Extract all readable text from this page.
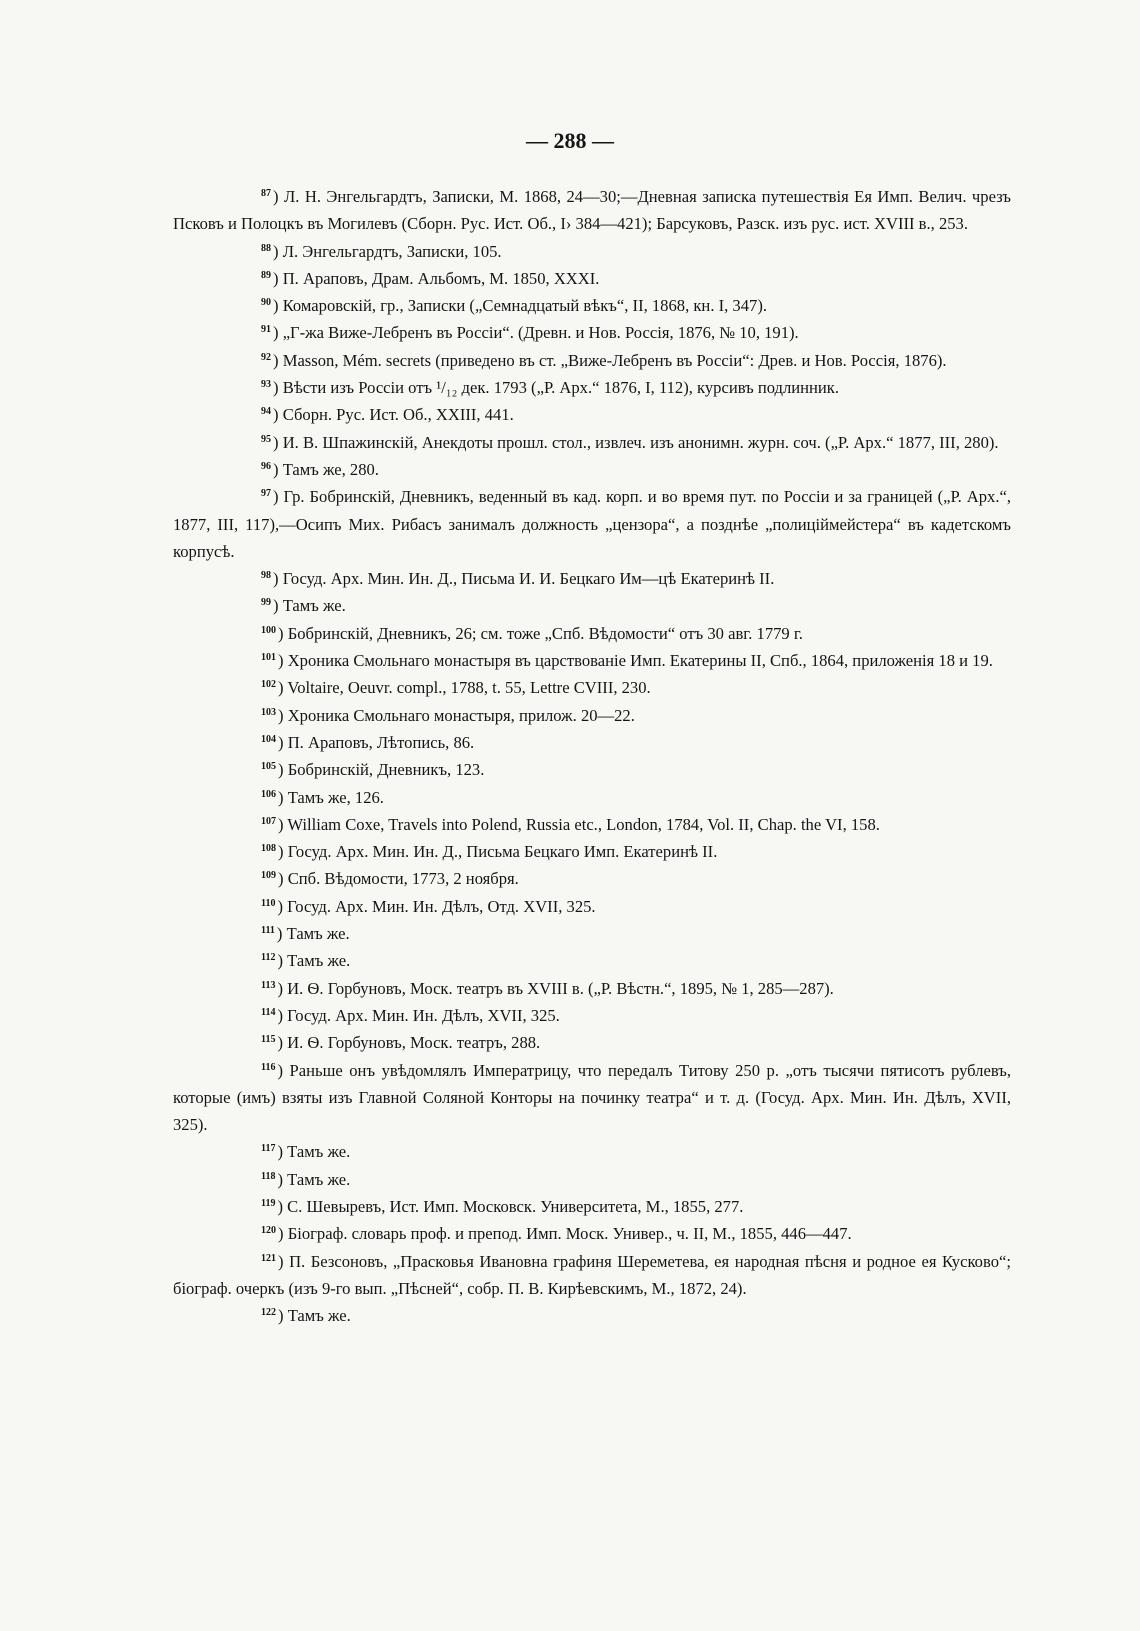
— 288 —

$^{87}$ ) Л. Н. Энгельгардтъ, Записки, М. 1868, 24—30;—Дневная записка путешествія Ея Имп. Велич. чрезъ Псковъ и Полоцкъ въ Могилевъ (Сборн. Рус. Ист. Об., I› 384—421); Барсуковъ, Разск. изъ рус. ист. XVIII в., 253.

$^{88}$ ) Л. Энгельгардтъ, Записки, 105.

$^{89}$ ) П. Араповъ, Драм. Альбомъ, М. 1850, XXXI.

$^{90}$ ) Комаровскій, гр., Записки („Семнадцатый вѣкъ“, II, 1868, кн. I, 347).

$^{91}$ ) „Г-жа Виже-Лебренъ въ Россіи“. (Древн. и Нов. Россія, 1876, № 10, 191).

$^{92}$ ) Masson, Mém. secrets (приведено въ ст. „Виже-Лебренъ въ Россіи“: Древ. и Нов. Россія, 1876).

$^{93}$ ) Вѣсти изъ Россіи отъ ¹/₁₂ дек. 1793 („Р. Арх.“ 1876, I, 112), курсивъ подлинник.

$^{94}$ ) Сборн. Рус. Ист. Об., XXIII, 441.

$^{95}$ ) И. В. Шпажинскій, Анекдоты прошл. стол., извлеч. изъ анонимн. журн. соч. („Р. Арх.“ 1877, III, 280).

$^{96}$ ) Тамъ же, 280.

$^{97}$ ) Гр. Бобринскій, Дневникъ, веденный въ кад. корп. и во время пут. по Россіи и за границей („Р. Арх.“, 1877, III, 117),—Осипъ Мих. Рибасъ занималъ должность „цензора“, а позднѣе „полиціймейстера“ въ кадетскомъ корпусѣ.

$^{98}$ ) Госуд. Арх. Мин. Ин. Д., Письма И. И. Бецкаго Им—цѣ Екатеринѣ II.

$^{99}$ ) Тамъ же.

$^{100}$ ) Бобринскій, Дневникъ, 26; см. тоже „Спб. Вѣдомости“ отъ 30 авг. 1779 г.

$^{101}$ ) Хроника Смольнаго монастыря въ царствованіе Имп. Екатерины II, Спб., 1864, приложенія 18 и 19.

$^{102}$ ) Voltaire, Oeuvr. compl., 1788, t. 55, Lettre CVIII, 230.

$^{103}$ ) Хроника Смольнаго монастыря, прилож. 20—22.

$^{104}$ ) П. Араповъ, Лѣтопись, 86.

$^{105}$ ) Бобринскій, Дневникъ, 123.

$^{106}$ ) Тамъ же, 126.

$^{107}$ ) William Coxe, Travels into Polend, Russia etc., London, 1784, Vol. II, Chap. the VI, 158.

$^{108}$ ) Госуд. Арх. Мин. Ин. Д., Письма Бецкаго Имп. Екатеринѣ II.

$^{109}$ ) Спб. Вѣдомости, 1773, 2 ноября.

$^{110}$ ) Госуд. Арх. Мин. Ин. Дѣлъ, Отд. XVII, 325.

$^{111}$ ) Тамъ же.

$^{112}$ ) Тамъ же.

$^{113}$ ) И. Ѳ. Горбуновъ, Моск. театръ въ XVIII в. („Р. Вѣстн.“, 1895, № 1, 285—287).

$^{114}$ ) Госуд. Арх. Мин. Ин. Дѣлъ, XVII, 325.

$^{115}$ ) И. Ѳ. Горбуновъ, Моск. театръ, 288.

$^{116}$ ) Раньше онъ увѣдомлялъ Императрицу, что передалъ Титову 250 р. „отъ тысячи пятисотъ рублевъ, которые (имъ) взяты изъ Главной Соляной Конторы на починку театра“ и т. д. (Госуд. Арх. Мин. Ин. Дѣлъ, XVII, 325).

$^{117}$ ) Тамъ же.

$^{118}$ ) Тамъ же.

$^{119}$ ) С. Шевыревъ, Ист. Имп. Московск. Университета, М., 1855, 277.

$^{120}$ ) Біограф. словарь проф. и препод. Имп. Моск. Универ., ч. II, М., 1855, 446—447.

$^{121}$ ) П. Безсоновъ, „Прасковья Ивановна графиня Шереметева, ея народная пѣсня и родное ея Кусково“; біограф. очеркъ (изъ 9-го вып. „Пѣсней“, собр. П. В. Кирѣевскимъ, М., 1872, 24).

$^{122}$ ) Тамъ же.
